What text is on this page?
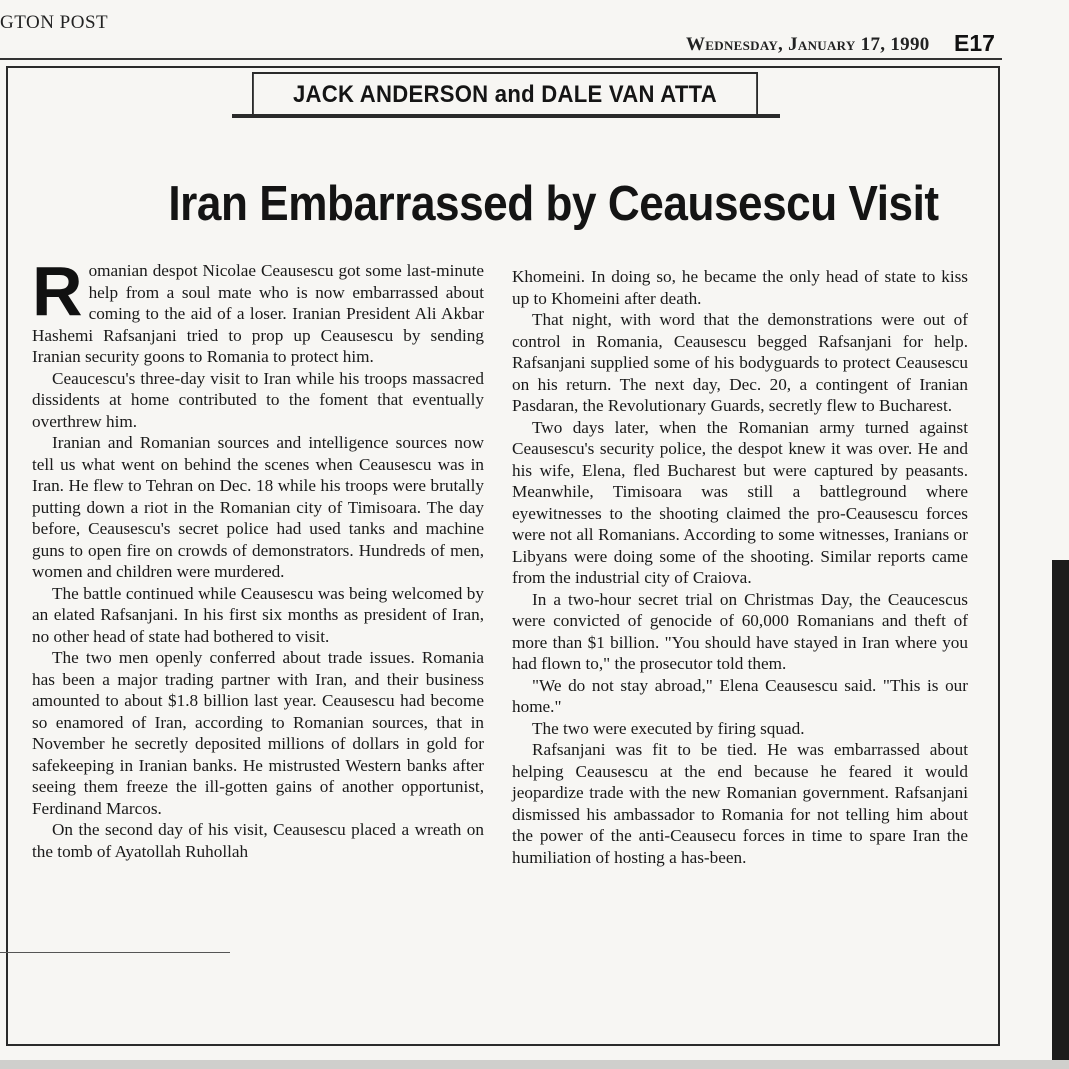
GTON POST
Wednesday, January 17, 1990 E17
JACK ANDERSON and DALE VAN ATTA
Iran Embarrassed by Ceausescu Visit

Romanian despot Nicolae Ceausescu got some last-minute help from a soul mate who is now embarrassed about coming to the aid of a loser. Iranian President Ali Akbar Hashemi Rafsanjani tried to prop up Ceausescu by sending Iranian security goons to Romania to protect him.

Ceaucescu's three-day visit to Iran while his troops massacred dissidents at home contributed to the foment that eventually overthrew him.

Iranian and Romanian sources and intelligence sources now tell us what went on behind the scenes when Ceausescu was in Iran. He flew to Tehran on Dec. 18 while his troops were brutally putting down a riot in the Romanian city of Timisoara. The day before, Ceausescu's secret police had used tanks and machine guns to open fire on crowds of demonstrators. Hundreds of men, women and children were murdered.

The battle continued while Ceausescu was being welcomed by an elated Rafsanjani. In his first six months as president of Iran, no other head of state had bothered to visit.

The two men openly conferred about trade issues. Romania has been a major trading partner with Iran, and their business amounted to about $1.8 billion last year. Ceausescu had become so enamored of Iran, according to Romanian sources, that in November he secretly deposited millions of dollars in gold for safekeeping in Iranian banks. He mistrusted Western banks after seeing them freeze the ill-gotten gains of another opportunist, Ferdinand Marcos.

On the second day of his visit, Ceausescu placed a wreath on the tomb of Ayatollah Ruhollah

Khomeini. In doing so, he became the only head of state to kiss up to Khomeini after death.

That night, with word that the demonstrations were out of control in Romania, Ceausescu begged Rafsanjani for help. Rafsanjani supplied some of his bodyguards to protect Ceausescu on his return. The next day, Dec. 20, a contingent of Iranian Pasdaran, the Revolutionary Guards, secretly flew to Bucharest.

Two days later, when the Romanian army turned against Ceausescu's security police, the despot knew it was over. He and his wife, Elena, fled Bucharest but were captured by peasants. Meanwhile, Timisoara was still a battleground where eyewitnesses to the shooting claimed the pro-Ceausescu forces were not all Romanians. According to some witnesses, Iranians or Libyans were doing some of the shooting. Similar reports came from the industrial city of Craiova.

In a two-hour secret trial on Christmas Day, the Ceaucescus were convicted of genocide of 60,000 Romanians and theft of more than $1 billion. "You should have stayed in Iran where you had flown to," the prosecutor told them.

"We do not stay abroad," Elena Ceausescu said. "This is our home."

The two were executed by firing squad.

Rafsanjani was fit to be tied. He was embarrassed about helping Ceausescu at the end because he feared it would jeopardize trade with the new Romanian government. Rafsanjani dismissed his ambassador to Romania for not telling him about the power of the anti-Ceausecu forces in time to spare Iran the humiliation of hosting a has-been.
